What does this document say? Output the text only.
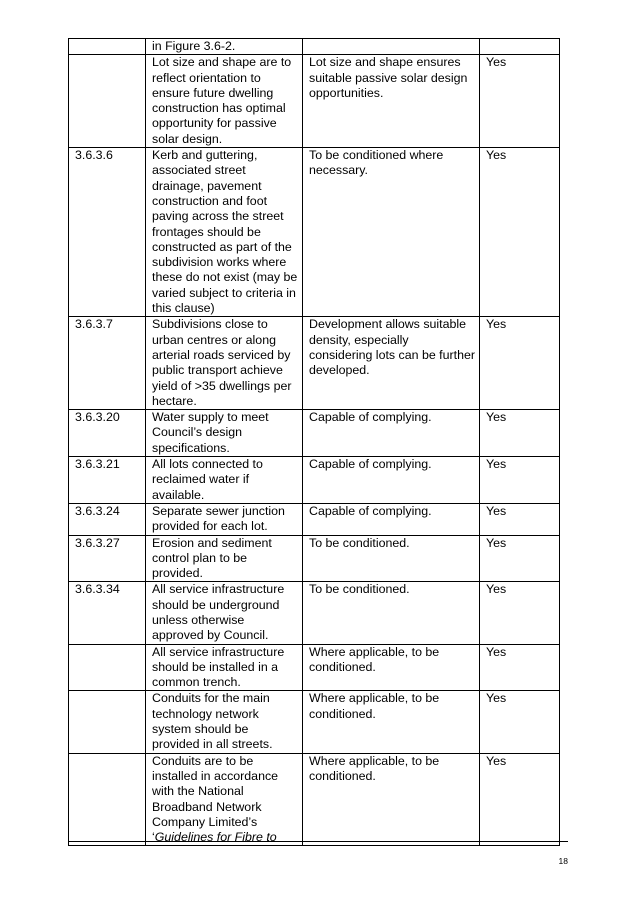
	in Figure 3.6-2.		
	Lot size and shape are to reflect orientation to ensure future dwelling construction has optimal opportunity for passive solar design.	Lot size and shape ensures suitable passive solar design opportunities.	Yes
3.6.3.6	Kerb and guttering, associated street drainage, pavement construction and foot paving across the street frontages should be constructed as part of the subdivision works where these do not exist (may be varied subject to criteria in this clause)	To be conditioned where necessary.	Yes
3.6.3.7	Subdivisions close to urban centres or along arterial roads serviced by public transport achieve yield of >35 dwellings per hectare.	Development allows suitable density, especially considering lots can be further developed.	Yes
3.6.3.20	Water supply to meet Council’s design specifications.	Capable of complying.	Yes
3.6.3.21	All lots connected to reclaimed water if available.	Capable of complying.	Yes
3.6.3.24	Separate sewer junction provided for each lot.	Capable of complying.	Yes
3.6.3.27	Erosion and sediment control plan to be provided.	To be conditioned.	Yes
3.6.3.34	All service infrastructure should be underground unless otherwise approved by Council.	To be conditioned.	Yes
	All service infrastructure should be installed in a common trench.	Where applicable, to be conditioned.	Yes
	Conduits for the main technology network system should be provided in all streets.	Where applicable, to be conditioned.	Yes
	Conduits are to be installed in accordance with the National Broadband Network Company Limited’s ‘Guidelines for Fibre to	Where applicable, to be conditioned.	Yes
18
